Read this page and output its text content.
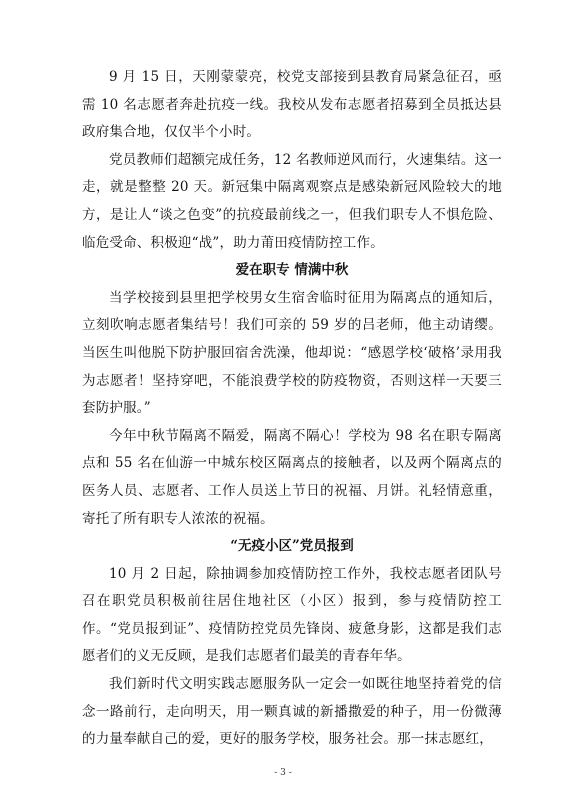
9 月 15 日，天刚蒙蒙亮，校党支部接到县教育局紧急征召，亟需 10 名志愿者奔赴抗疫一线。我校从发布志愿者招募到全员抵达县政府集合地，仅仅半个小时。

党员教师们超额完成任务，12 名教师逆风而行，火速集结。这一走，就是整整 20 天。新冠集中隔离观察点是感染新冠风险较大的地方，是让人“谈之色变”的抗疫最前线之一，但我们职专人不惧危险、临危受命、积极迎“战”，助力莆田疫情防控工作。

爱在职专 情满中秋

当学校接到县里把学校男女生宿舍临时征用为隔离点的通知后，立刻吹响志愿者集结号！我们可亲的 59 岁的吕老师，他主动请缨。当医生叫他脱下防护服回宿舍洗澡，他却说：“感恩学校‘破格’录用我为志愿者！坚持穿吧，不能浪费学校的防疫物资，否则这样一天要三套防护服。”

今年中秋节隔离不隔爱，隔离不隔心！学校为 98 名在职专隔离点和 55 名在仙游一中城东校区隔离点的接触者，以及两个隔离点的医务人员、志愿者、工作人员送上节日的祝福、月饼。礼轻情意重，寄托了所有职专人浓浓的祝福。

“无疫小区”党员报到

10 月 2 日起，除抽调参加疫情防控工作外，我校志愿者团队号召在职党员积极前往居住地社区（小区）报到，参与疫情防控工作。“党员报到证”、疫情防控党员先锋岗、疲惫身影，这都是我们志愿者们的义无反顾，是我们志愿者们最美的青春年华。

我们新时代文明实践志愿服务队一定会一如既往地坚持着党的信念一路前行，走向明天，用一颗真诚的新播撒爱的种子，用一份微薄的力量奉献自己的爱，更好的服务学校，服务社会。那一抹志愿红，

- 3 -
